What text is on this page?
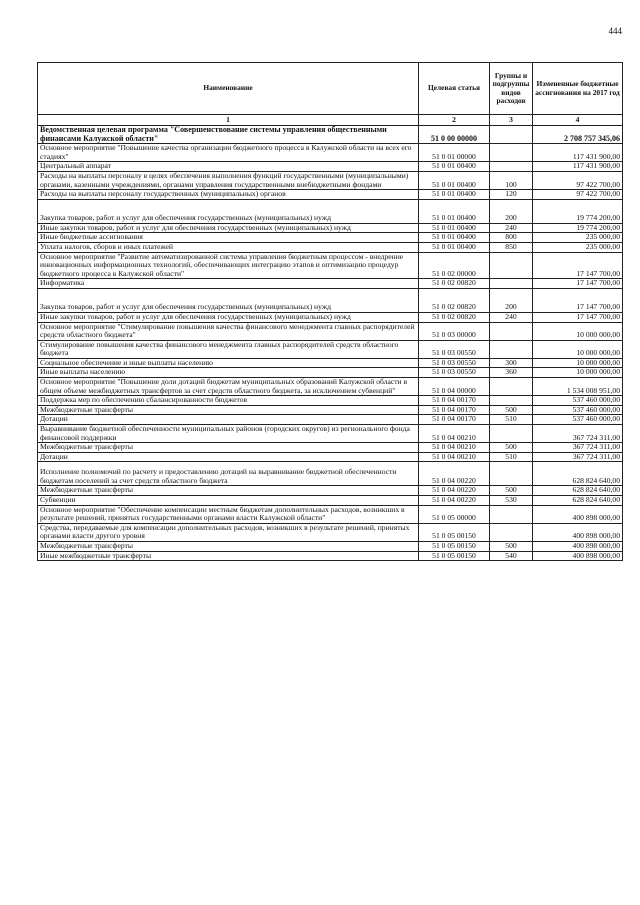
444
Наименование	Целевая статья	Группы и подгруппы видов расходов	Измененные бюджетные ассигнования на 2017 год
1	2	3	4
Ведомственная целевая программа "Совершенствование системы управления общественными финансами Калужской области"	51 0 00 00000		2 708 757 345,06
Основное мероприятие "Повышение качества организации бюджетного процесса в Калужской области на всех его стадиях"	51 0 01 00000		117 431 900,00
Центральный аппарат	51 0 01 00400		117 431 900,00
Расходы на выплаты персоналу в целях обеспечения выполнения функций государственными (муниципальными) органами, казенными учреждениями, органами управления государственными внебюджетными фондами	51 0 01 00400	100	97 422 700,00
Расходы на выплаты персоналу государственных (муниципальных) органов	51 0 01 00400	120	97 422 700,00
Закупка товаров, работ и услуг для обеспечения государственных (муниципальных) нужд	51 0 01 00400	200	19 774 200,00
Иные закупки товаров, работ и услуг для обеспечения государственных (муниципальных) нужд	51 0 01 00400	240	19 774 200,00
Иные бюджетные ассигнования	51 0 01 00400	800	235 000,00
Уплата налогов, сборов и иных платежей	51 0 01 00400	850	235 000,00
Основное мероприятие "Развитие автоматизированной системы управления бюджетным процессом - внедрение инновационных информационных технологий, обеспечивающих интеграцию этапов и оптимизацию процедур бюджетного процесса в Калужской области"	51 0 02 00000		17 147 700,00
Информатика	51 0 02 00820		17 147 700,00
Закупка товаров, работ и услуг для обеспечения государственных (муниципальных) нужд	51 0 02 00820	200	17 147 700,00
Иные закупки товаров, работ и услуг для обеспечения государственных (муниципальных) нужд	51 0 02 00820	240	17 147 700,00
Основное мероприятие "Стимулирование повышения качества финансового менеджмента главных распорядителей средств областного бюджета"	51 0 03 00000		10 000 000,00
Стимулирование повышения качества финансового менеджмента главных распорядителей средств областного бюджета	51 0 03 00550		10 000 000,00
Социальное обеспечение и иные выплаты населению	51 0 03 00550	300	10 000 000,00
Иные выплаты населению	51 0 03 00550	360	10 000 000,00
Основное мероприятие "Повышение доли дотаций бюджетам муниципальных образований Калужской области в общем объеме межбюджетных трансфертов за счет средств областного бюджета, за исключением субвенций"	51 0 04 00000		1 534 008 951,00
Поддержка мер по обеспечению сбалансированности бюджетов	51 0 04 00170		537 460 000,00
Межбюджетные трансферты	51 0 04 00170	500	537 460 000,00
Дотации	51 0 04 00170	510	537 460 000,00
Выравнивание бюджетной обеспеченности муниципальных районов (городских округов) из регионального фонда финансовой поддержки	51 0 04 00210		367 724 311,00
Межбюджетные трансферты	51 0 04 00210	500	367 724 311,00
Дотации	51 0 04 00210	510	367 724 311,00
Исполнение полномочий по расчету и предоставлению дотаций на выравнивание бюджетной обеспеченности бюджетам поселений за счет средств областного бюджета	51 0 04 00220		628 824 640,00
Межбюджетные трансферты	51 0 04 00220	500	628 824 640,00
Субвенции	51 0 04 00220	530	628 824 640,00
Основное мероприятие "Обеспечение компенсации местным бюджетам дополнительных расходов, возникших в результате решений, принятых государственными органами власти Калужской области"	51 0 05 00000		400 898 000,00
Средства, передаваемые для компенсации дополнительных расходов, возникших в результате решений, принятых органами власти другого уровня	51 0 05 00150		400 898 000,00
Межбюджетные трансферты	51 0 05 00150	500	400 898 000,00
Иные межбюджетные трансферты	51 0 05 00150	540	400 898 000,00
